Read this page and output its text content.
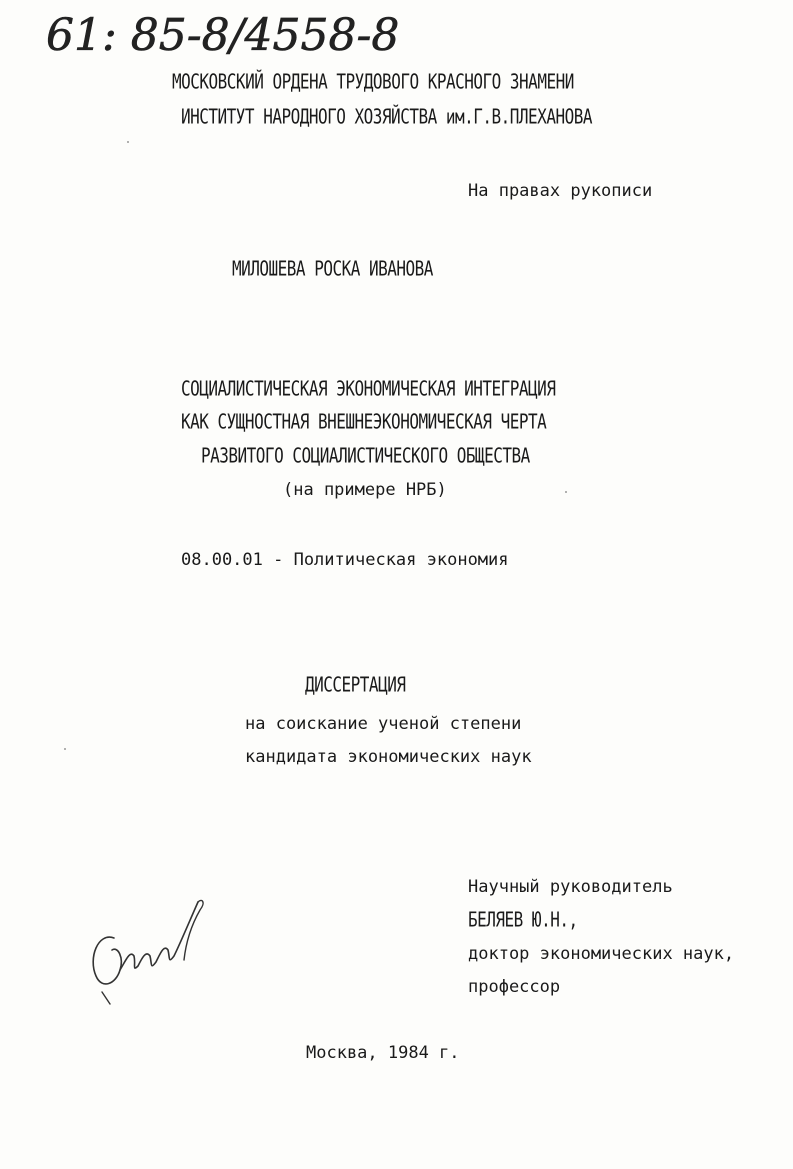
61: 85-8/4558-8
МОСКОВСКИЙ ОРДЕНА ТРУДОВОГО КРАСНОГО ЗНАМЕНИ
ИНСТИТУТ НАРОДНОГО ХОЗЯЙСТВА им.Г.В.ПЛЕХАНОВА
На правах рукописи
МИЛОШЕВА РОСКА ИВАНОВА
СОЦИАЛИСТИЧЕСКАЯ ЭКОНОМИЧЕСКАЯ ИНТЕГРАЦИЯ
КАК СУЩНОСТНАЯ ВНЕШНЕЭКОНОМИЧЕСКАЯ ЧЕРТА
РАЗВИТОГО СОЦИАЛИСТИЧЕСКОГО ОБЩЕСТВА
(на примере НРБ)
08.00.01 - Политическая экономия
ДИССЕРТАЦИЯ
на соискание ученой степени
кандидата экономических наук
Научный руководитель
БЕЛЯЕВ Ю.Н.,
доктор экономических наук,
профессор
Москва, 1984 г.
